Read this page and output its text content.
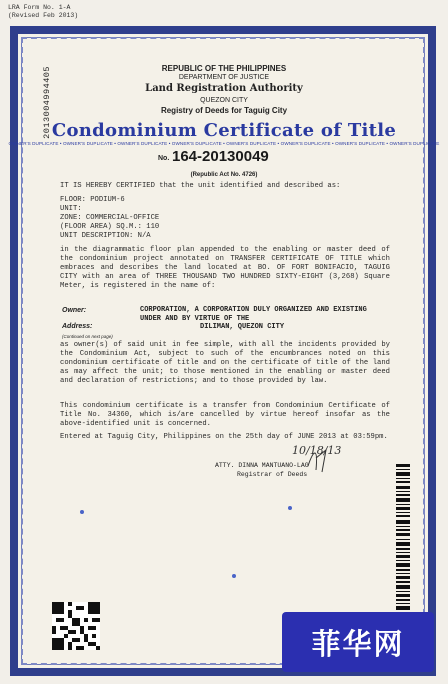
LRA Form No. 1-A
(Revised Feb 2013)
2013004994405	REPUBLIC OF THE PHILIPPINES
DEPARTMENT OF JUSTICE
Land Registration Authority
QUEZON CITY
Registry of Deeds for Taguig City
Condominium Certificate of Title
OWNER'S DUPLICATE • OWNER'S DUPLICATE • OWNER'S DUPLICATE • OWNER'S DUPLICATE • OWNER'S DUPLICATE • OWNER'S DUPLICATE • OWNER'S DUPLICATE • OWNER'S DUPLICATE
No. 164-20130049
(Republic Act No. 4726)
IT IS HEREBY CERTIFIED that the unit identified and described as:
FLOOR: PODIUM-6
UNIT:
ZONE: COMMERCIAL-OFFICE
(FLOOR AREA) SQ.M.: 110
UNIT DESCRIPTION: N/A
in the diagrammatic floor plan appended to the enabling or master deed of the condominium project annotated on TRANSFER CERTIFICATE OF TITLE which embraces and describes the land located at BO. OF FORT BONIFACIO, TAGUIG CITY with an area of THREE THOUSAND TWO HUNDRED SIXTY-EIGHT (3,268) Square Meter, is registered in the name of:
Owner:	CORPORATION, A CORPORATION DULY ORGANIZED AND EXISTING UNDER AND BY VIRTUE OF THE
Address:	DILIMAN, QUEZON CITY
(Continued on next page)
as owner(s) of said unit in fee simple, with all the incidents provided by the Condominium Act, subject to such of the encumbrances noted on this condominium certificate of title and on the certificate of title of the land as may affect the unit; to those mentioned in the enabling or master deed and declaration of restrictions; and to those provided by law.
This condominium certificate is a transfer from Condominium Certificate of Title No. 34360, which is/are cancelled by virtue hereof insofar as the above-identified unit is concerned.
Entered at Taguig City, Philippines on the 25th day of JUNE 2013 at 03:59pm.
10/18/13
ATTY. DINNA MANTUANO-LAG
Registrar of Deeds
菲华网
